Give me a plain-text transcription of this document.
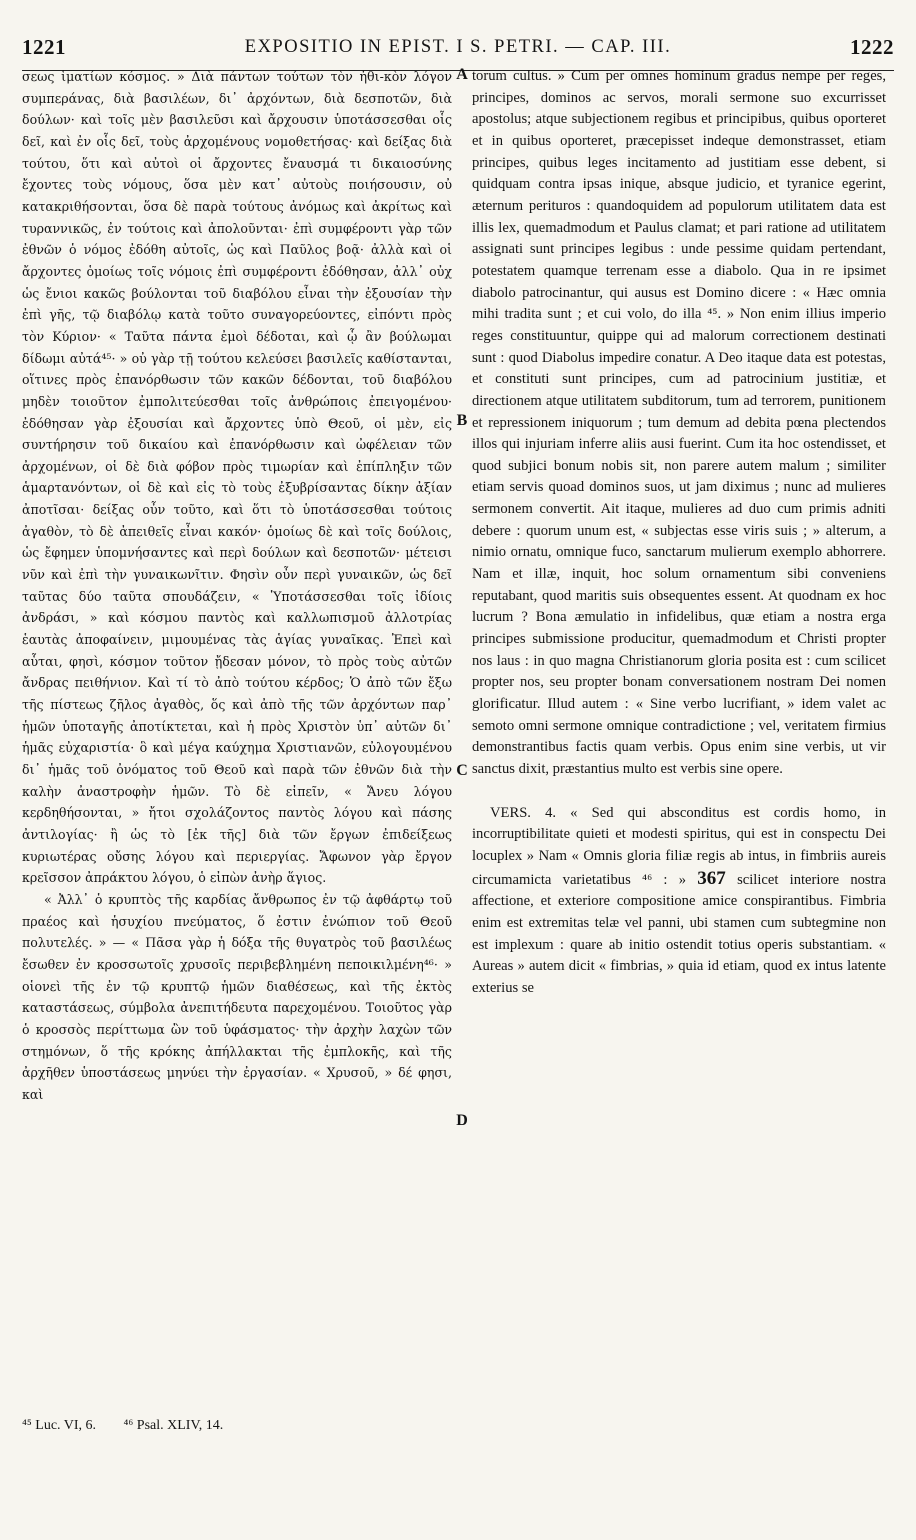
1221	EXPOSITIO IN EPIST. I S. PETRI. — CAP. III.	1222

σεως ἱματίων κόσμος. » Διὰ πάντων τούτων τὸν ἠθι-κὸν λόγον συμπεράνας, διὰ βασιλέων, δι᾽ ἀρχόντων, διὰ δεσποτῶν, διὰ δούλων· καὶ τοῖς μὲν βασιλεῦσι καὶ ἄρχουσιν ὑποτάσσεσθαι οἷς δεῖ, καὶ ἐν οἷς δεῖ, τοὺς ἀρχομένους νομοθετήσας· καὶ δείξας διὰ τούτου, ὅτι καὶ αὐτοὶ οἱ ἄρχοντες ἔναυσμά τι δικαιοσύνης ἔχοντες τοὺς νόμους, ὅσα μὲν κατ᾽ αὐτοὺς ποιήσουσιν, οὐ κατακριθήσονται, ὅσα δὲ παρὰ τούτους ἀνόμως καὶ ἀκρίτως καὶ τυραννικῶς, ἐν τούτοις καὶ ἀπολοῦνται· ἐπὶ συμφέροντι γὰρ τῶν ἐθνῶν ὁ νόμος ἐδόθη αὐτοῖς, ὡς καὶ Παῦλος βοᾷ· ἀλλὰ καὶ οἱ ἄρχοντες ὁμοίως τοῖς νόμοις ἐπὶ συμφέροντι ἐδόθησαν, ἀλλ᾽ οὐχ ὡς ἔνιοι κακῶς βούλονται τοῦ διαβόλου εἶναι τὴν ἐξουσίαν τὴν ἐπὶ γῆς, τῷ διαβόλῳ κατὰ τοῦτο συναγορεύοντες, εἰπόντι πρὸς τὸν Κύριον· « Ταῦτα πάντα ἐμοὶ δέδοται, καὶ ᾧ ἂν βούλωμαι δίδωμι αὐτά⁴⁵· » οὐ γὰρ τῇ τούτου κελεύσει βασιλεῖς καθίστανται, οἵτινες πρὸς ἐπανόρθωσιν τῶν κακῶν δέδονται, τοῦ διαβόλου μηδὲν τοιοῦτον ἐμπολιτεύεσθαι τοῖς ἀνθρώποις ἐπειγομένου· ἐδόθησαν γὰρ ἐξουσίαι καὶ ἄρχοντες ὑπὸ Θεοῦ, οἱ μὲν, εἰς συντήρησιν τοῦ δικαίου καὶ ἐπανόρθωσιν καὶ ὠφέλειαν τῶν ἀρχομένων, οἱ δὲ διὰ φόβον πρὸς τιμωρίαν καὶ ἐπίπληξιν τῶν ἁμαρτανόντων, οἱ δὲ καὶ εἰς τὸ τοὺς ἐξυβρίσαντας δίκην ἀξίαν ἀποτῖσαι· δείξας οὖν τοῦτο, καὶ ὅτι τὸ ὑποτάσσεσθαι τούτοις ἀγαθὸν, τὸ δὲ ἀπειθεῖς εἶναι κακόν· ὁμοίως δὲ καὶ τοῖς δούλοις, ὡς ἔφημεν ὑπομνήσαντες καὶ περὶ δούλων καὶ δεσποτῶν· μέτεισι νῦν καὶ ἐπὶ τὴν γυναικωνῖτιν. Φησὶν οὖν περὶ γυναικῶν, ὡς δεῖ ταῦτας δύο ταῦτα σπουδάζειν, « Ὑποτάσσεσθαι τοῖς ἰδίοις ἀνδράσι, » καὶ κόσμου παντὸς καὶ καλλωπισμοῦ ἀλλοτρίας ἑαυτὰς ἀποφαίνειν, μιμουμένας τὰς ἁγίας γυναῖκας. Ἐπεὶ καὶ αὗται, φησὶ, κόσμον τοῦτον ᾔδεσαν μόνον, τὸ πρὸς τοὺς αὐτῶν ἄνδρας πειθήνιον. Καὶ τί τὸ ἀπὸ τούτου κέρδος; Ὁ ἀπὸ τῶν ἔξω τῆς πίστεως ζῆλος ἀγαθὸς, ὅς καὶ ἀπὸ τῆς τῶν ἀρχόντων παρ᾽ ἡμῶν ὑποταγῆς ἀποτίκτεται, καὶ ἡ πρὸς Χριστὸν ὑπ᾽ αὐτῶν δι᾽ ἡμᾶς εὐχαριστία· ὃ καὶ μέγα καύχημα Χριστιανῶν, εὐλογουμένου δι᾽ ἡμᾶς τοῦ ὀνόματος τοῦ Θεοῦ καὶ παρὰ τῶν ἐθνῶν διὰ τὴν καλὴν ἀναστροφὴν ἡμῶν. Τὸ δὲ εἰπεῖν, « Ἄνευ λόγου κερδηθήσονται, » ἤτοι σχολάζοντος παντὸς λόγου καὶ πάσης ἀντιλογίας· ἢ ὡς τὸ [ἐκ τῆς] διὰ τῶν ἔργων ἐπιδείξεως κυριωτέρας οὔσης λόγου καὶ περιεργίας. Ἄφωνον γὰρ ἔργον κρεῖσσον ἀπράκτου λόγου, ὁ εἰπὼν ἀνὴρ ἅγιος.

« Ἀλλ᾽ ὁ κρυπτὸς τῆς καρδίας ἄνθρωπος ἐν τῷ ἀφθάρτῳ τοῦ πραέος καὶ ἡσυχίου πνεύματος, ὅ ἐστιν ἐνώπιον τοῦ Θεοῦ πολυτελές. » — « Πᾶσα γὰρ ἡ δόξα τῆς θυγατρὸς τοῦ βασιλέως ἔσωθεν ἐν κροσσωτοῖς χρυσοῖς περιβεβλημένη πεποικιλμένη⁴⁶· » οἱονεὶ τῆς ἐν τῷ κρυπτῷ ἡμῶν διαθέσεως, καὶ τῆς ἐκτὸς καταστάσεως, σύμβολα ἀνεπιτήδευτα παρεχομένου. Τοιοῦτος γὰρ ὁ κροσσὸς περίττωμα ὢν τοῦ ὑφάσματος· τὴν ἀρχὴν λαχὼν τῶν στημόνων, ὅ τῆς κρόκης ἀπήλλακται τῆς ἐμπλοκῆς, καὶ τῆς ἀρχῆθεν ὑποστάσεως μηνύει τὴν ἐργασίαν. « Χρυσοῦ, » δέ φησι, καὶ

A
B
C
D

torum cultus. » Cum per omnes hominum gradus nempe per reges, principes, dominos ac servos, morali sermone suo excurrisset apostolus; atque subjectionem regibus et principibus, quibus oporteret et in quibus oporteret, præcepisset indeque demonstrasset, etiam principes, quibus leges incitamento ad justitiam esse debent, si quidquam contra ipsas inique, absque judicio, et tyranice egerint, æternum perituros : quandoquidem ad populorum utilitatem data est illis lex, quemadmodum et Paulus clamat; et pari ratione ad utilitatem assignati sunt principes legibus : unde pessime quidam pertendant, potestatem quamque terrenam esse a diabolo. Qua in re ipsimet diabolo patrocinantur, qui ausus est Domino dicere : « Hæc omnia mihi tradita sunt ; et cui volo, do illa ⁴⁵. » Non enim illius imperio reges constituuntur, quippe qui ad malorum correctionem destinati sunt : quod Diabolus impedire conatur. A Deo itaque data est potestas, et constituti sunt principes, cum ad patrocinium justitiæ, et directionem atque utilitatem subditorum, tum ad terrorem, punitionem et repressionem iniquorum ; tum demum ad debita pœna plectendos illos qui injuriam inferre aliis ausi fuerint. Cum ita hoc ostendisset, et quod subjici bonum nobis sit, non parere autem malum ; similiter etiam servis quoad dominos suos, ut jam diximus ; nunc ad mulieres sermonem convertit. Ait itaque, mulieres ad duo cum primis adniti debere : quorum unum est, « subjectas esse viris suis ; » alterum, a nimio ornatu, omnique fuco, sanctarum mulierum exemplo abhorrere. Nam et illæ, inquit, hoc solum ornamentum sibi conveniens reputabant, quod maritis suis obsequentes essent. At quodnam ex hoc lucrum ? Bona æmulatio in infidelibus, quæ etiam a nostra erga principes submissione producitur, quemadmodum et Christi propter nos laus : in quo magna Christianorum gloria posita est : cum scilicet propter nos, seu propter bonam conversationem nostram Dei nomen glorificatur. Illud autem : « Sine verbo lucrifiant, » idem valet ac semoto omni sermone omnique contradictione ; vel, veritatem firmius demonstrantibus factis quam verbis. Opus enim sine verbis, ut vir sanctus dixit, præstantius multo est verbis sine opere.

VERS. 4. « Sed qui absconditus est cordis homo, in incorruptibilitate quieti et modesti spiritus, qui est in conspectu Dei locuplex » Nam « Omnis gloria filiæ regis ab intus, in fimbriis aureis circumamicta varietatibus ⁴⁶ : » 367 scilicet interiore nostra affectione, et exteriore compositione amice conspirantibus. Fimbria enim est extremitas telæ vel panni, ubi stamen cum subtegmine non est implexum : quare ab initio ostendit totius operis substantiam. « Aureas » autem dicit « fimbrias, » quia id etiam, quod ex intus latente exterius se

⁴⁵ Luc. VI, 6. ⁴⁶ Psal. XLIV, 14.
